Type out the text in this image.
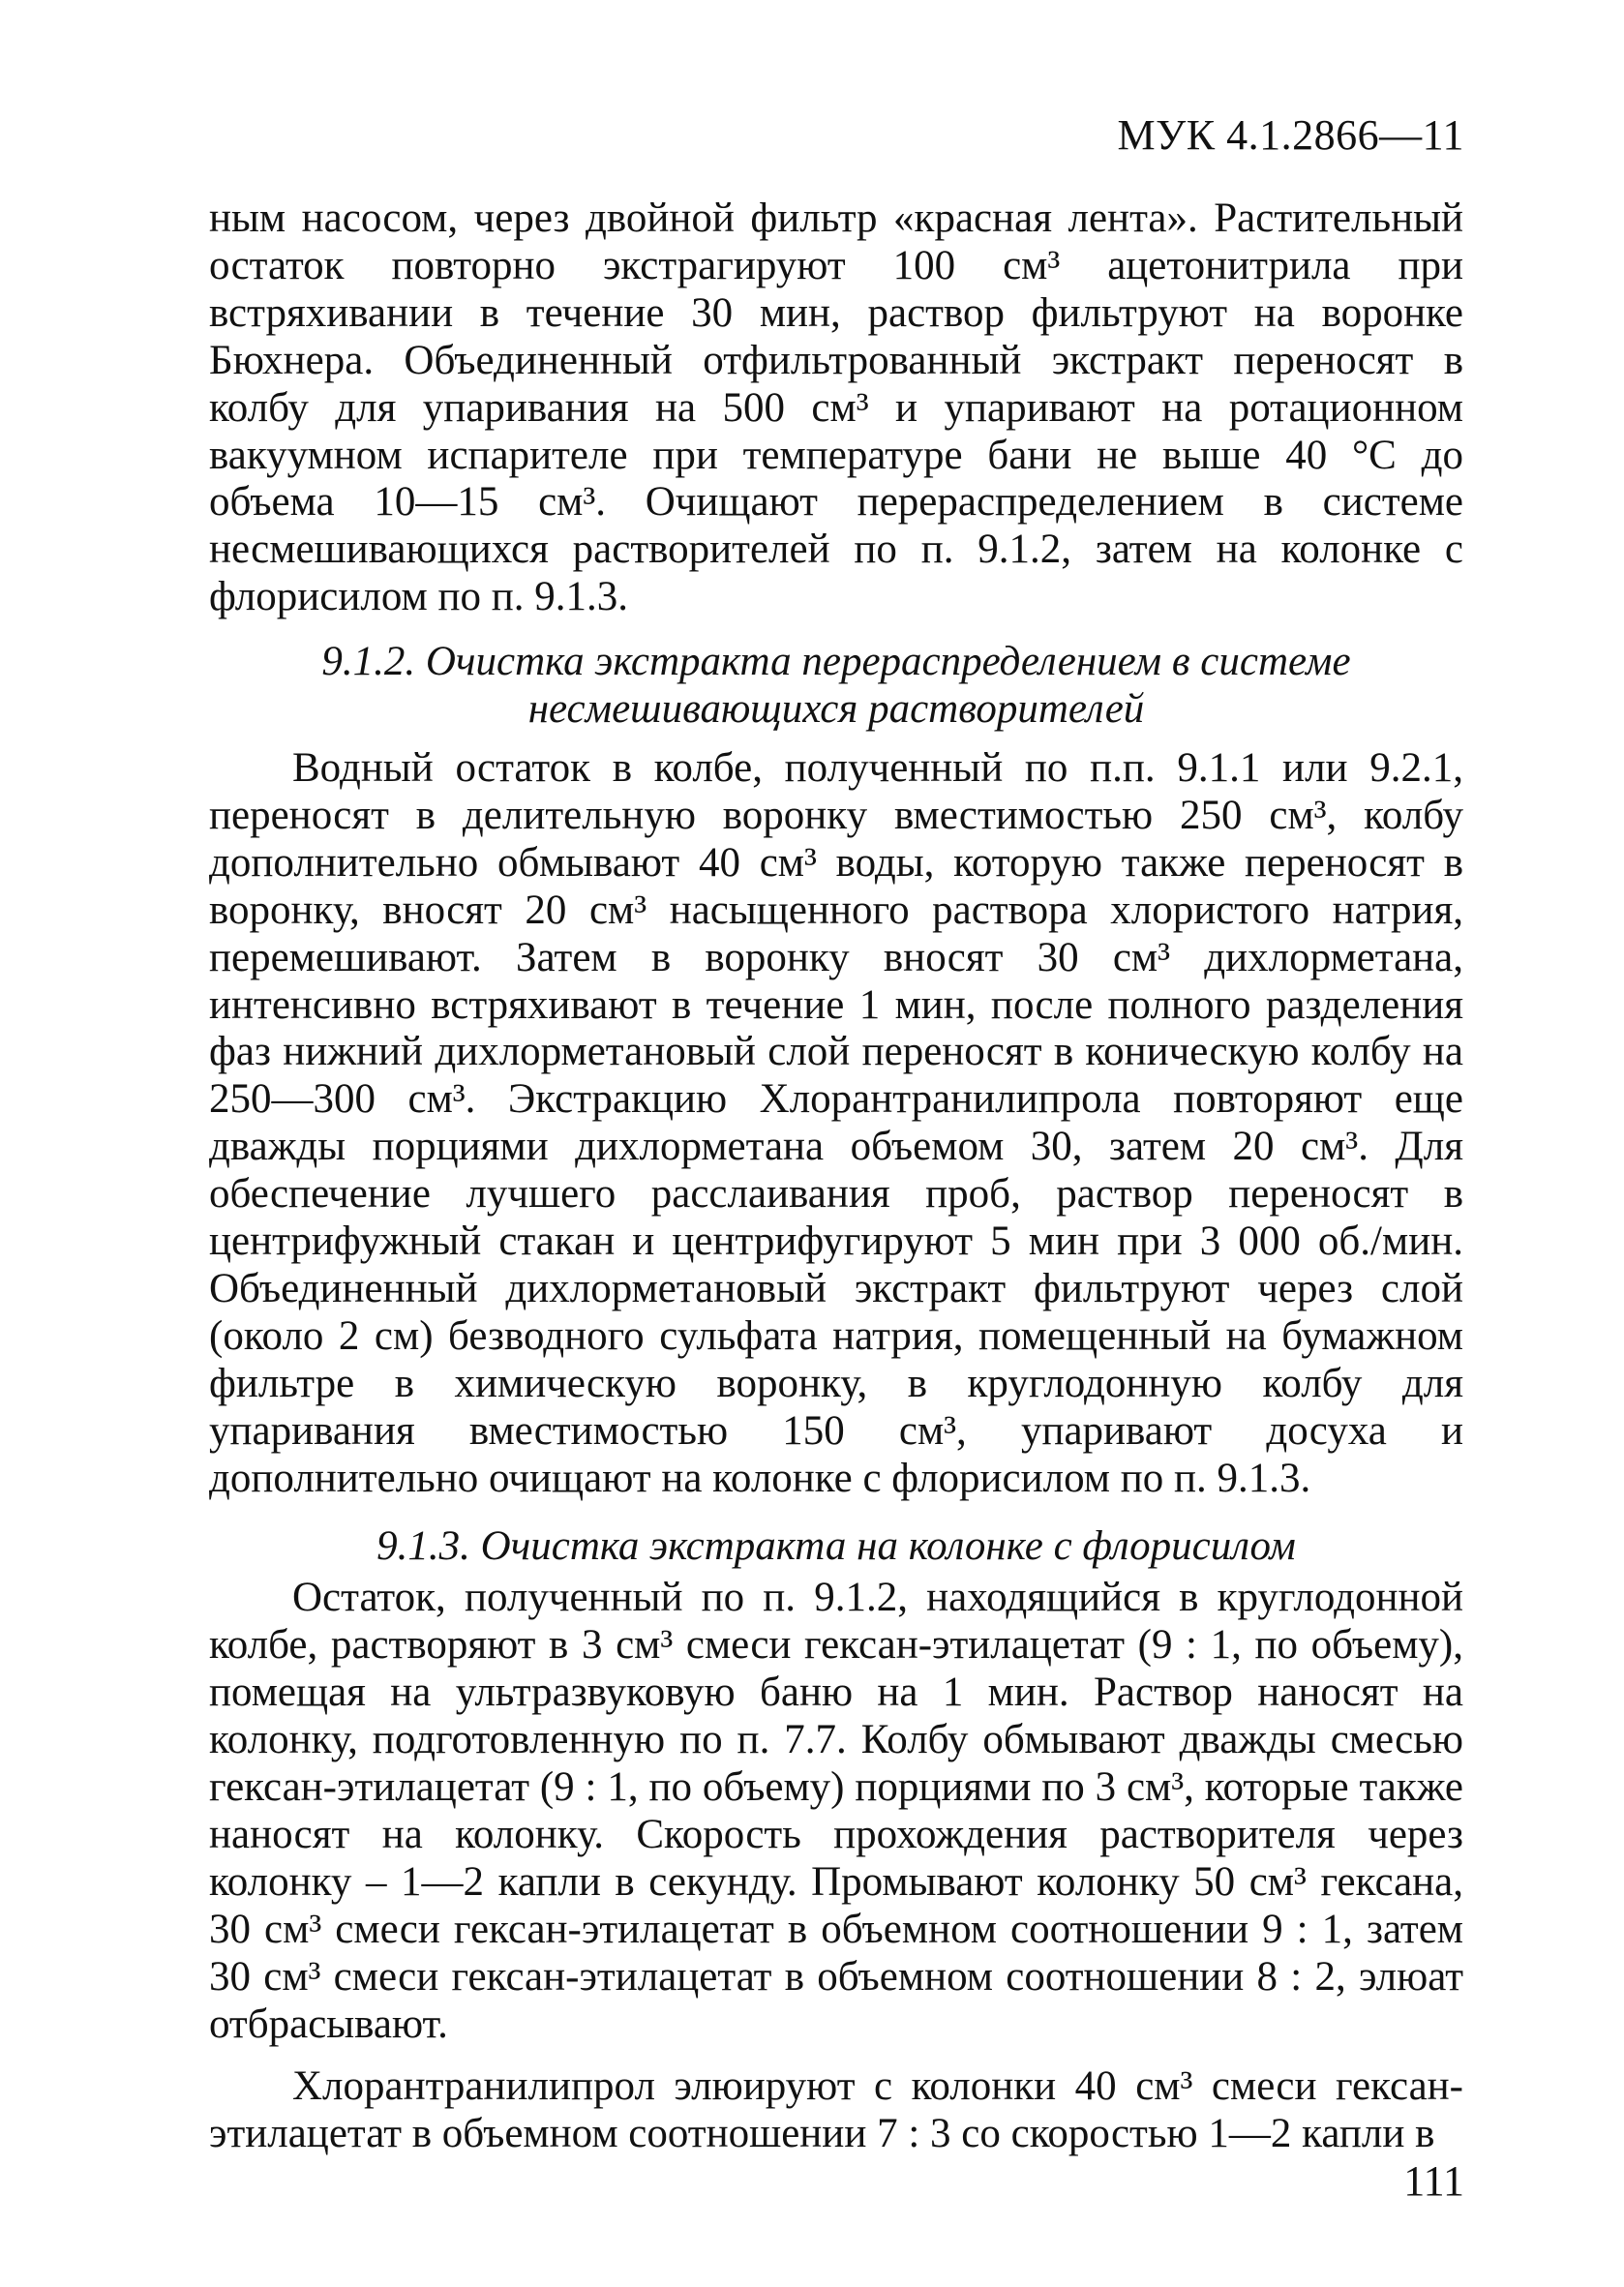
МУК 4.1.2866—11

ным насосом, через двойной фильтр «красная лента». Растительный остаток повторно экстрагируют 100 см³ ацетонитрила при встряхивании в течение 30 мин, раствор фильтруют на воронке Бюхнера. Объединенный отфильтрованный экстракт переносят в колбу для упаривания на 500 см³ и упаривают на ротационном вакуумном испарителе при температуре бани не выше 40 °С до объема 10—15 см³. Очищают перераспределением в системе несмешивающихся растворителей по п. 9.1.2, затем на колонке с флорисилом по п. 9.1.3.

9.1.2. Очистка экстракта перераспределением в системе
несмешивающихся растворителей

Водный остаток в колбе, полученный по п.п. 9.1.1 или 9.2.1, переносят в делительную воронку вместимостью 250 см³, колбу дополнительно обмывают 40 см³ воды, которую также переносят в воронку, вносят 20 см³ насыщенного раствора хлористого натрия, перемешивают. Затем в воронку вносят 30 см³ дихлорметана, интенсивно встряхивают в течение 1 мин, после полного разделения фаз нижний дихлорметановый слой переносят в коническую колбу на 250—300 см³. Экстракцию Хлорантранилипрола повторяют еще дважды порциями дихлорметана объемом 30, затем 20 см³. Для обеспечение лучшего расслаивания проб, раствор переносят в центрифужный стакан и центрифугируют 5 мин при 3 000 об./мин. Объединенный дихлорметановый экстракт фильтруют через слой (около 2 см) безводного сульфата натрия, помещенный на бумажном фильтре в химическую воронку, в круглодонную колбу для упаривания вместимостью 150 см³, упаривают досуха и дополнительно очищают на колонке с флорисилом по п. 9.1.3.

9.1.3. Очистка экстракта на колонке с флорисилом

Остаток, полученный по п. 9.1.2, находящийся в круглодонной колбе, растворяют в 3 см³ смеси гексан-этилацетат (9 : 1, по объему), помещая на ультразвуковую баню на 1 мин. Раствор наносят на колонку, подготовленную по п. 7.7. Колбу обмывают дважды смесью гексан-этилацетат (9 : 1, по объему) порциями по 3 см³, которые также наносят на колонку. Скорость прохождения растворителя через колонку – 1—2 капли в секунду. Промывают колонку 50 см³ гексана, 30 см³ смеси гексан-этилацетат в объемном соотношении 9 : 1, затем 30 см³ смеси гексан-этилацетат в объемном соотношении 8 : 2, элюат отбрасывают.

Хлорантранилипрол элюируют с колонки 40 см³ смеси гексан-этилацетат в объемном соотношении 7 : 3 со скоростью 1—2 капли в

111
